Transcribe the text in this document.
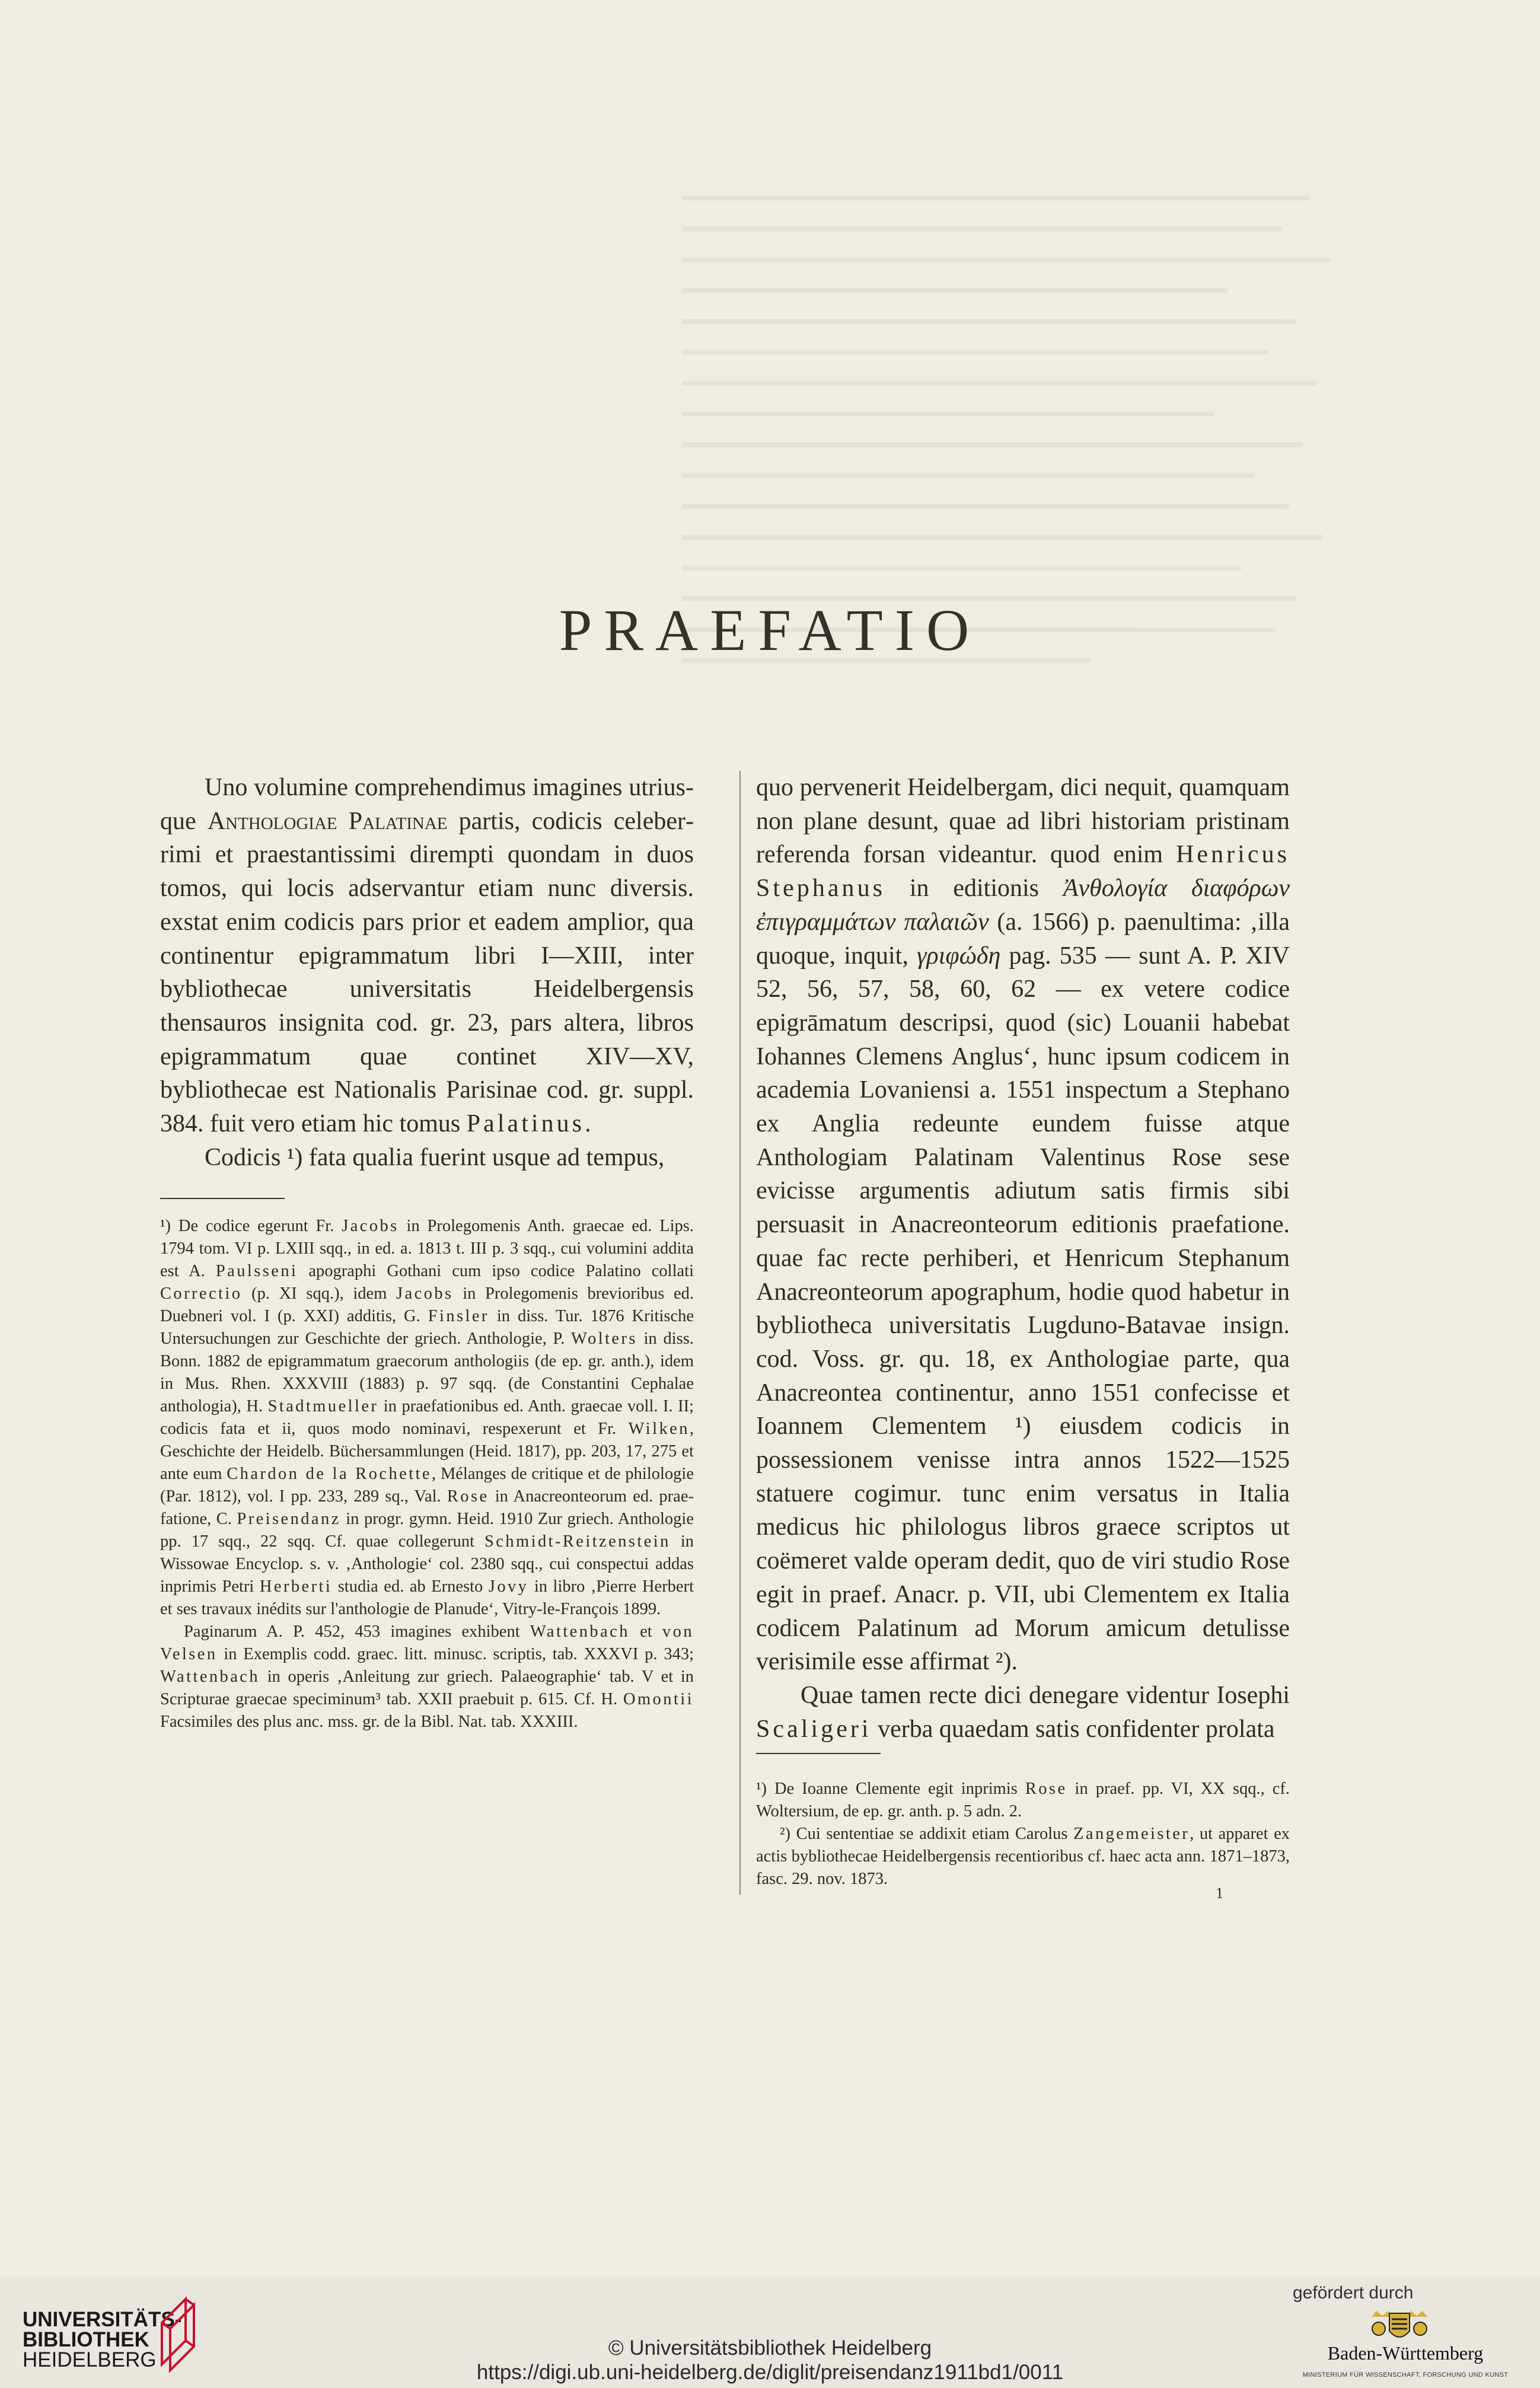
PRAEFATIO

Uno volumine comprehendimus imagines utriusque Anthologiae Palatinae partis, codicis celeberrimi et praestantissimi dirempti quondam in duos tomos, qui locis adservantur etiam nunc diversis. exstat enim codicis pars prior et eadem amplior, qua continentur epigrammatum libri I—XIII, inter bybliothecae universitatis Heidelbergensis thensauros insignita cod. gr. 23, pars altera, libros epigrammatum quae continet XIV—XV, bybliothecae est Nationalis Parisinae cod. gr. suppl. 384. fuit vero etiam hic tomus Palatinus.

Codicis ¹) fata qualia fuerint usque ad tempus,

¹) De codice egerunt Fr. Jacobs in Prolegomenis Anth. graecae ed. Lips. 1794 tom. VI p. LXIII sqq., in ed. a. 1813 t. III p. 3 sqq., cui volumini addita est A. Paulsseni apographi Gothani cum ipso codice Palatino collati Correctio (p. XI sqq.), idem Jacobs in Prolegomenis brevioribus ed. Duebneri vol. I (p. XXI) additis, G. Finsler in diss. Tur. 1876 Kritische Untersuchungen zur Geschichte der griech. Anthologie, P. Wolters in diss. Bonn. 1882 de epigrammatum graecorum anthologiis (de ep. gr. anth.), idem in Mus. Rhen. XXXVIII (1883) p. 97 sqq. (de Constantini Cephalae anthologia), H. Stadtmueller in praefationibus ed. Anth. graecae voll. I. II; codicis fata et ii, quos modo nominavi, respexerunt et Fr. Wilken, Geschichte der Heidelb. Büchersammlungen (Heid. 1817), pp. 203, 17, 275 et ante eum Chardon de la Rochette, Mélanges de critique et de philologie (Par. 1812), vol. I pp. 233, 289 sq., Val. Rose in Anacreonteorum ed. praefatione, C. Preisendanz in progr. gymn. Heid. 1910 Zur griech. Anthologie pp. 17 sqq., 22 sqq. Cf. quae collegerunt Schmidt-Reitzenstein in Wissowae Encyclop. s. v. ‚Anthologie‘ col. 2380 sqq., cui conspectui addas inprimis Petri Herberti studia ed. ab Ernesto Jovy in libro ‚Pierre Herbert et ses travaux inédits sur l'anthologie de Planude‘, Vitry-le-François 1899.

Paginarum A. P. 452, 453 imagines exhibent Wattenbach et von Velsen in Exemplis codd. graec. litt. minusc. scriptis, tab. XXXVI p. 343; Wattenbach in operis ‚Anleitung zur griech. Palaeographie‘ tab. V et in Scripturae graecae speciminum³ tab. XXII praebuit p. 615. Cf. H. Omontii Facsimiles des plus anc. mss. gr. de la Bibl. Nat. tab. XXXIII.

quo pervenerit Heidelbergam, dici nequit, quamquam non plane desunt, quae ad libri historiam pristinam referenda forsan videantur. quod enim Henricus Stephanus in editionis Ἀνθολογία διαφόρων ἐπιγραμμάτων παλαιῶν (a. 1566) p. paenultima: ‚illa quoque, inquit, γριφώδη pag. 535 — sunt A. P. XIV 52, 56, 57, 58, 60, 62 — ex vetere codice epigrāmatum descripsi, quod (sic) Louanii habebat Iohannes Clemens Anglus‘, hunc ipsum codicem in academia Lovaniensi a. 1551 inspectum a Stephano ex Anglia redeunte eundem fuisse atque Anthologiam Palatinam Valentinus Rose sese evicisse argumentis adiutum satis firmis sibi persuasit in Anacreonteorum editionis praefatione. quae fac recte perhiberi, et Henricum Stephanum Anacreonteorum apographum, hodie quod habetur in bybliotheca universitatis Lugduno-Batavae insign. cod. Voss. gr. qu. 18, ex Anthologiae parte, qua Anacreontea continentur, anno 1551 confecisse et Ioannem Clementem ¹) eiusdem codicis in possessionem venisse intra annos 1522—1525 statuere cogimur. tunc enim versatus in Italia medicus hic philologus libros graece scriptos ut coëmeret valde operam dedit, quo de viri studio Rose egit in praef. Anacr. p. VII, ubi Clementem ex Italia codicem Palatinum ad Morum amicum detulisse verisimile esse affirmat ²).

Quae tamen recte dici denegare videntur Iosephi Scaligeri verba quaedam satis confidenter prolata

¹) De Ioanne Clemente egit inprimis Rose in praef. pp. VI, XX sqq., cf. Woltersium, de ep. gr. anth. p. 5 adn. 2.

²) Cui sententiae se addixit etiam Carolus Zangemeister, ut apparet ex actis bybliothecae Heidelbergensis recentioribus cf. haec acta ann. 1871–1873, fasc. 29. nov. 1873.

1
UNIVERSITÄTS-
BIBLIOTHEK
HEIDELBERG
© Universitätsbibliothek Heidelberg
https://digi.ub.uni-heidelberg.de/diglit/preisendanz1911bd1/0011
gefördert durch
Baden-Württemberg
MINISTERIUM FÜR WISSENSCHAFT, FORSCHUNG UND KUNST
